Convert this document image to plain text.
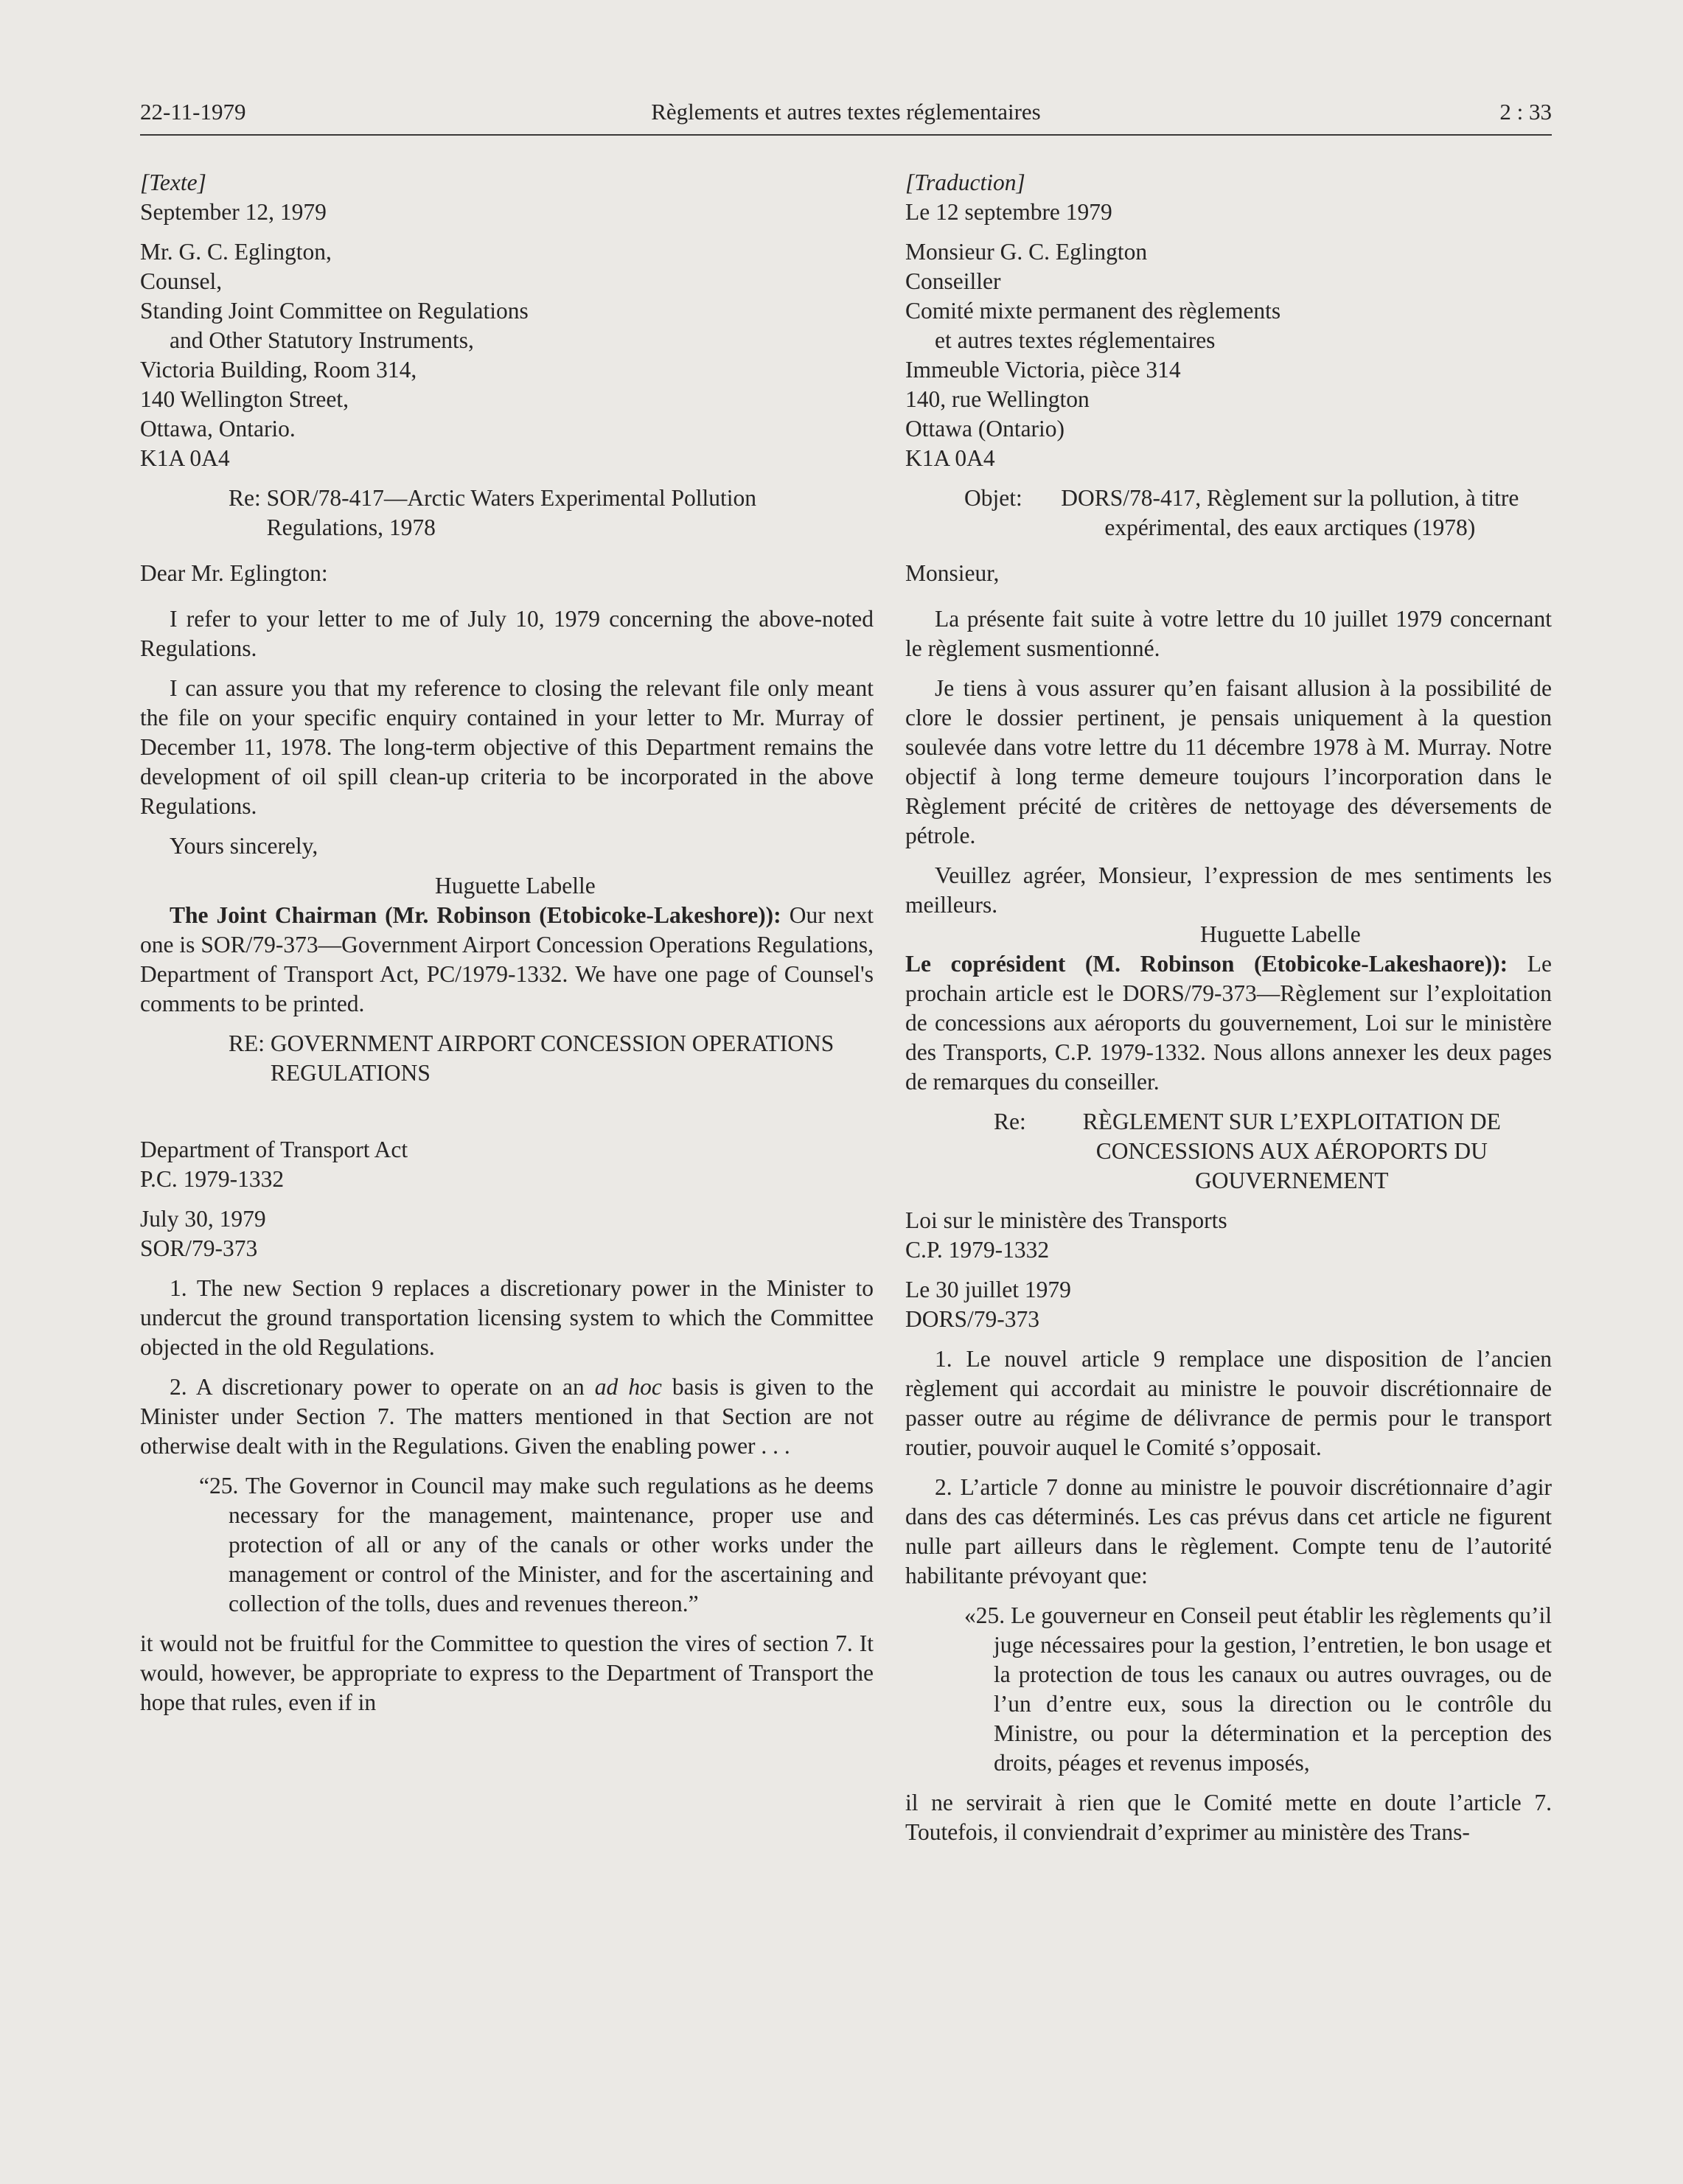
22-11-1979	Règlements et autres textes réglementaires	2 : 33

[Texte]

September 12, 1979

Mr. G. C. Eglington,

Counsel,

Standing Joint Committee on Regulations

and Other Statutory Instruments,

Victoria Building, Room 314,

140 Wellington Street,

Ottawa, Ontario.

K1A 0A4

Re:
SOR/78-417—Arctic Waters Experimental Pollution Regulations, 1978

Dear Mr. Eglington:

I refer to your letter to me of July 10, 1979 concerning the above-noted Regulations.

I can assure you that my reference to closing the relevant file only meant the file on your specific enquiry contained in your letter to Mr. Murray of December 11, 1978. The long-term objective of this Department remains the development of oil spill clean-up criteria to be incorporated in the above Regulations.

Yours sincerely,

Huguette Labelle

The Joint Chairman (Mr. Robinson (Etobicoke-Lakeshore)): Our next one is SOR/79-373—Government Airport Concession Operations Regulations, Department of Transport Act, PC/1979-1332. We have one page of Counsel's comments to be printed.

RE:
GOVERNMENT AIRPORT CONCESSION OPERATIONS REGULATIONS

Department of Transport Act

P.C. 1979-1332

July 30, 1979

SOR/79-373

1. The new Section 9 replaces a discretionary power in the Minister to undercut the ground transportation licensing system to which the Committee objected in the old Regulations.

2. A discretionary power to operate on an ad hoc basis is given to the Minister under Section 7. The matters mentioned in that Section are not otherwise dealt with in the Regulations. Given the enabling power . . .

“25. The Governor in Council may make such regulations as he deems necessary for the management, maintenance, proper use and protection of all or any of the canals or other works under the management or control of the Minister, and for the ascertaining and collection of the tolls, dues and revenues thereon.”

it would not be fruitful for the Committee to question the vires of section 7. It would, however, be appropriate to express to the Department of Transport the hope that rules, even if in

[Traduction]

Le 12 septembre 1979

Monsieur G. C. Eglington

Conseiller

Comité mixte permanent des règlements

et autres textes réglementaires

Immeuble Victoria, pièce 314

140, rue Wellington

Ottawa (Ontario)

K1A 0A4

Objet:
	DORS/78-417, Règlement sur la pollution, à titre expérimental, des eaux arctiques (1978)

Monsieur,

La présente fait suite à votre lettre du 10 juillet 1979 concernant le règlement susmentionné.

Je tiens à vous assurer qu’en faisant allusion à la possibilité de clore le dossier pertinent, je pensais uniquement à la question soulevée dans votre lettre du 11 décembre 1978 à M. Murray. Notre objectif à long terme demeure toujours l’incorporation dans le Règlement précité de critères de nettoyage des déversements de pétrole.

Veuillez agréer, Monsieur, l’expression de mes sentiments les meilleurs.

Huguette Labelle

Le coprésident (M. Robinson (Etobicoke-Lakeshaore)): Le prochain article est le DORS/79-373—Règlement sur l’exploitation de concessions aux aéroports du gouvernement, Loi sur le ministère des Transports, C.P. 1979-1332. Nous allons annexer les deux pages de remarques du conseiller.

Re:
	RÈGLEMENT SUR L’EXPLOITATION DE CONCESSIONS AUX AÉROPORTS DU GOUVERNEMENT

Loi sur le ministère des Transports

C.P. 1979-1332

Le 30 juillet 1979

DORS/79-373

1. Le nouvel article 9 remplace une disposition de l’ancien règlement qui accordait au ministre le pouvoir discrétionnaire de passer outre au régime de délivrance de permis pour le transport routier, pouvoir auquel le Comité s’opposait.

2. L’article 7 donne au ministre le pouvoir discrétionnaire d’agir dans des cas déterminés. Les cas prévus dans cet article ne figurent nulle part ailleurs dans le règlement. Compte tenu de l’autorité habilitante prévoyant que:

«25. Le gouverneur en Conseil peut établir les règlements qu’il juge nécessaires pour la gestion, l’entretien, le bon usage et la protection de tous les canaux ou autres ouvrages, ou de l’un d’entre eux, sous la direction ou le contrôle du Ministre, ou pour la détermination et la perception des droits, péages et revenus imposés,

il ne servirait à rien que le Comité mette en doute l’article 7. Toutefois, il conviendrait d’exprimer au ministère des Trans-
